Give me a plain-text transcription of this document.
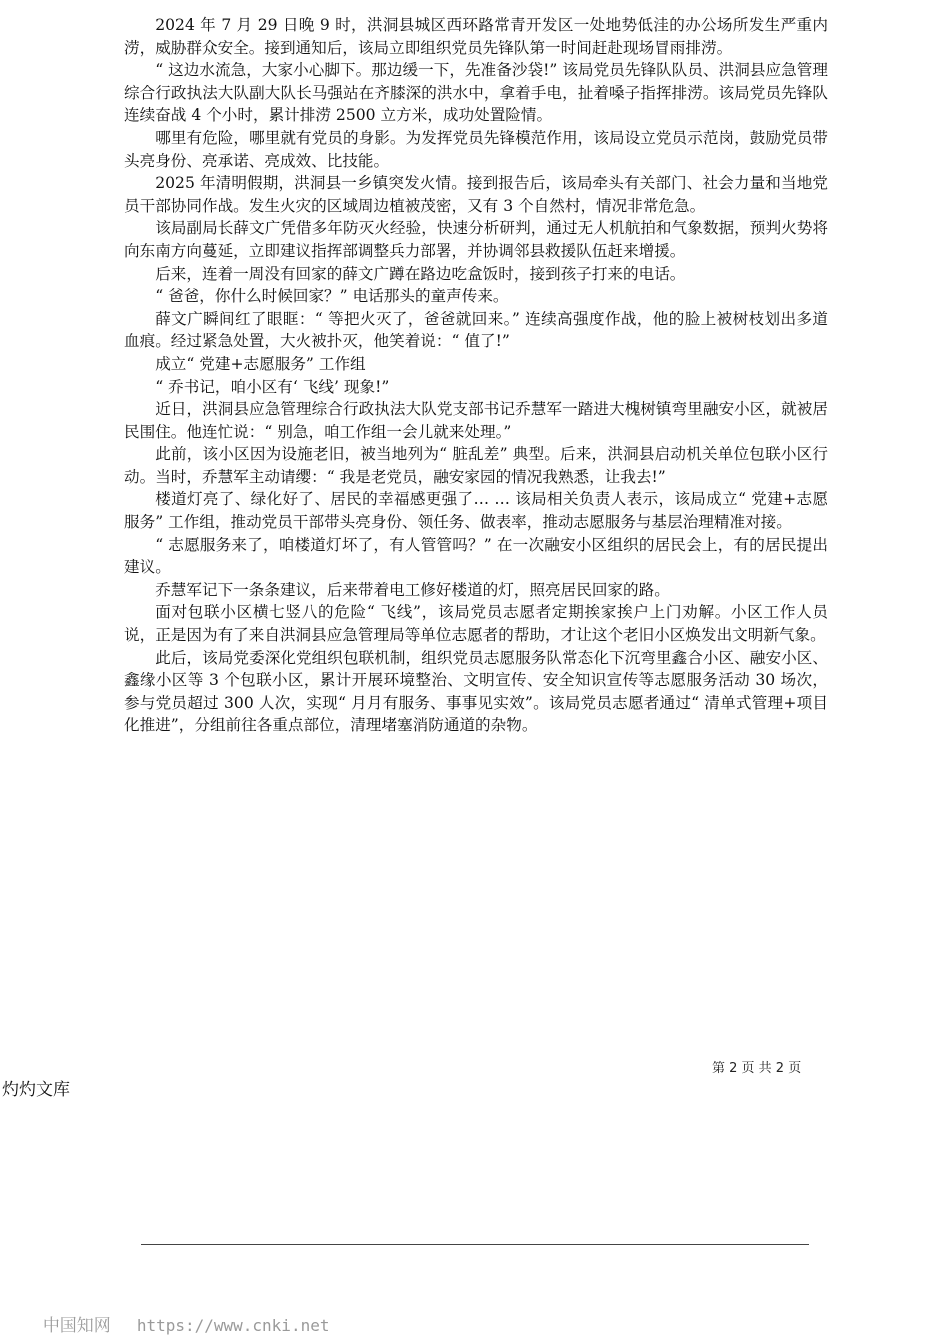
2024 年 7 月 29 日晚 9 时，洪洞县城区西环路常青开发区一处地势低洼的办公场所发生严重内涝，威胁群众安全。接到通知后，该局立即组织党员先锋队第一时间赶赴现场冒雨排涝。

“ 这边水流急，大家小心脚下。那边缓一下，先准备沙袋!” 该局党员先锋队队员、洪洞县应急管理综合行政执法大队副大队长马强站在齐膝深的洪水中，拿着手电，扯着嗓子指挥排涝。该局党员先锋队连续奋战 4 个小时，累计排涝 2500 立方米，成功处置险情。

哪里有危险，哪里就有党员的身影。为发挥党员先锋模范作用，该局设立党员示范岗，鼓励党员带头亮身份、亮承诺、亮成效、比技能。

2025 年清明假期，洪洞县一乡镇突发火情。接到报告后，该局牵头有关部门、社会力量和当地党员干部协同作战。发生火灾的区域周边植被茂密，又有 3 个自然村，情况非常危急。

该局副局长薛文广凭借多年防灭火经验，快速分析研判，通过无人机航拍和气象数据，预判火势将向东南方向蔓延，立即建议指挥部调整兵力部署，并协调邻县救援队伍赶来增援。

后来，连着一周没有回家的薛文广蹲在路边吃盒饭时，接到孩子打来的电话。

“ 爸爸，你什么时候回家？” 电话那头的童声传来。

薛文广瞬间红了眼眶：“ 等把火灭了，爸爸就回来。” 连续高强度作战，他的脸上被树枝划出多道血痕。经过紧急处置，大火被扑灭，他笑着说：“ 值了!”

成立“ 党建+志愿服务” 工作组

“ 乔书记，咱小区有‘ 飞线’ 现象!”

近日，洪洞县应急管理综合行政执法大队党支部书记乔慧军一踏进大槐树镇弯里融安小区，就被居民围住。他连忙说：“ 别急，咱工作组一会儿就来处理。”

此前，该小区因为设施老旧，被当地列为“ 脏乱差” 典型。后来，洪洞县启动机关单位包联小区行动。当时，乔慧军主动请缨：“ 我是老党员，融安家园的情况我熟悉，让我去!”

楼道灯亮了、绿化好了、居民的幸福感更强了… … 该局相关负责人表示，该局成立“ 党建+志愿服务” 工作组，推动党员干部带头亮身份、领任务、做表率，推动志愿服务与基层治理精准对接。

“ 志愿服务来了，咱楼道灯坏了，有人管管吗？” 在一次融安小区组织的居民会上，有的居民提出建议。

乔慧军记下一条条建议，后来带着电工修好楼道的灯，照亮居民回家的路。

面对包联小区横七竖八的危险“ 飞线”，该局党员志愿者定期挨家挨户上门劝解。小区工作人员说，正是因为有了来自洪洞县应急管理局等单位志愿者的帮助，才让这个老旧小区焕发出文明新气象。

此后，该局党委深化党组织包联机制，组织党员志愿服务队常态化下沉弯里鑫合小区、融安小区、鑫缘小区等 3 个包联小区，累计开展环境整治、文明宣传、安全知识宣传等志愿服务活动 30 场次，参与党员超过 300 人次，实现“ 月月有服务、事事见实效”。该局党员志愿者通过“ 清单式管理+项目化推进”，分组前往各重点部位，清理堵塞消防通道的杂物。

第 2 页 共 2 页
灼灼文库

中国知网 https://www.cnki.net
